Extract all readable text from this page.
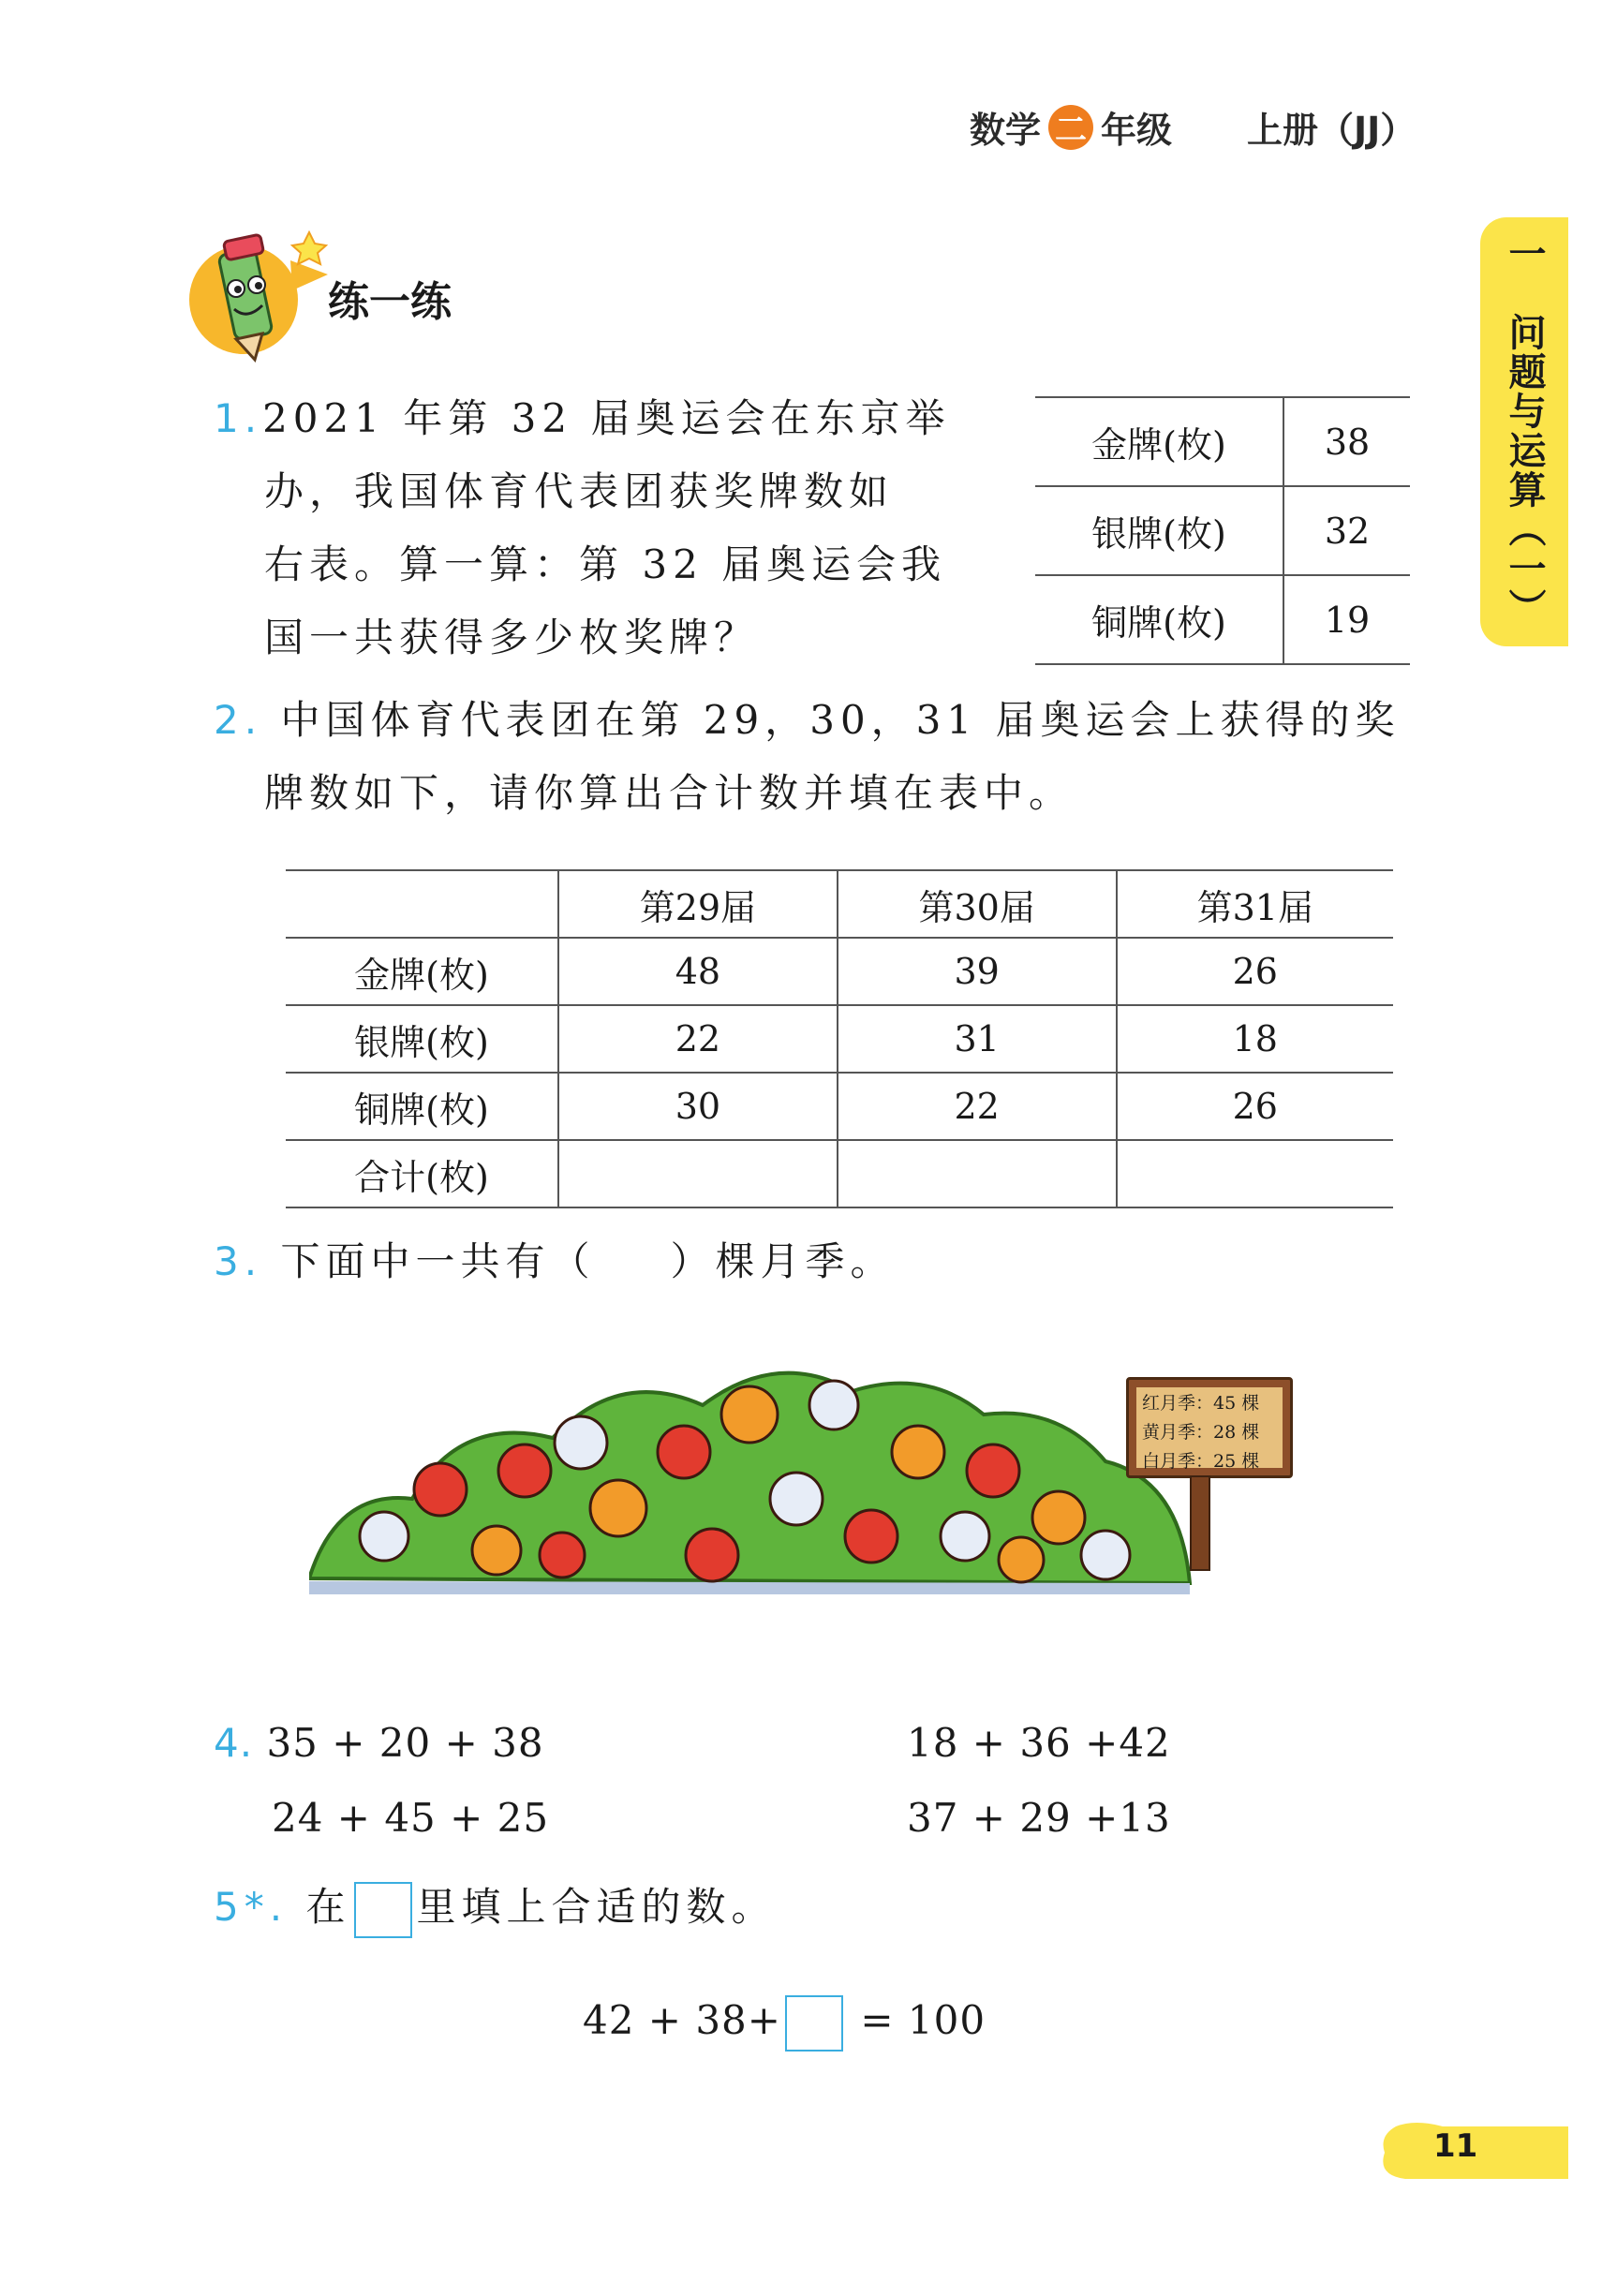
数学 二 年级 上册（JJ）
一　问题与运算（一）
练一练
1.2021 年第 32 届奥运会在东京举
办，我国体育代表团获奖牌数如
右表。算一算：第 32 届奥运会我
国一共获得多少枚奖牌？
金牌(枚)	38
银牌(枚)	32
铜牌(枚)	19
2. 中国体育代表团在第 29，30，31 届奥运会上获得的奖
牌数如下，请你算出合计数并填在表中。
	第29届	第30届	第31届
金牌(枚)	48	39	26
银牌(枚)	22	31	18
铜牌(枚)	30	22	26
合计(枚)			
3. 下面中一共有（ ）棵月季。
红月季：45 棵
黄月季：28 棵
白月季：25 棵
4. 35 + 20 + 38	18 + 36 +42
24 + 45 + 25	37 + 29 +13
5*. 在 里填上合适的数。
42 + 38+ = 100
11
